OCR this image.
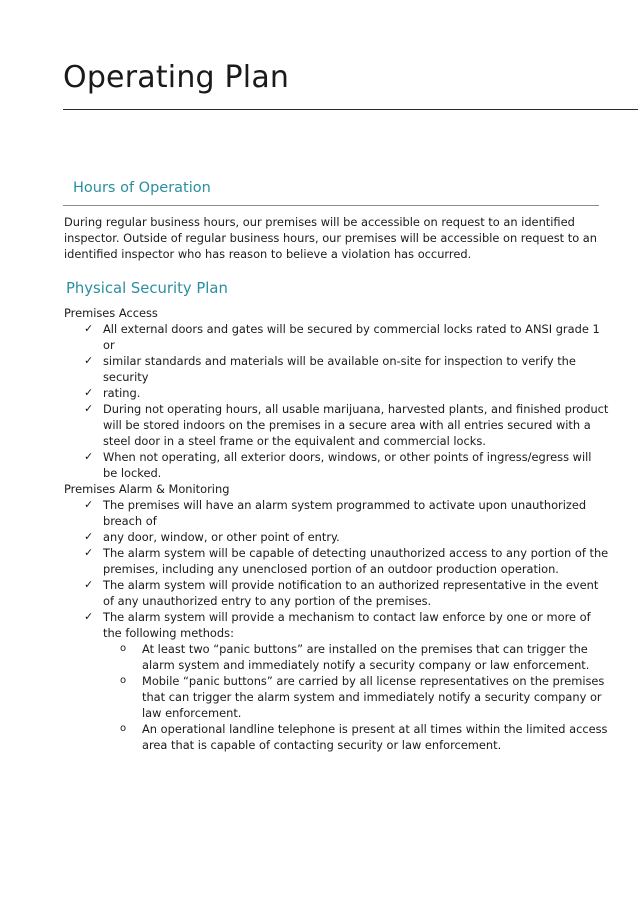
Operating Plan
Hours of Operation

During regular business hours, our premises will be accessible on request to an identified inspector. Outside of regular business hours, our premises will be accessible on request to an identified inspector who has reason to believe a violation has occurred.

Physical Security Plan

Premises Access

✓ All external doors and gates will be secured by commercial locks rated to ANSI grade 1 or
✓ similar standards and materials will be available on-site for inspection to verify the security
✓ rating.
✓ During not operating hours, all usable marijuana, harvested plants, and finished product will be stored indoors on the premises in a secure area with all entries secured with a steel door in a steel frame or the equivalent and commercial locks.
✓ When not operating, all exterior doors, windows, or other points of ingress/egress will be locked.

Premises Alarm & Monitoring

✓ The premises will have an alarm system programmed to activate upon unauthorized breach of
✓ any door, window, or other point of entry.
✓ The alarm system will be capable of detecting unauthorized access to any portion of the premises, including any unenclosed portion of an outdoor production operation.
✓ The alarm system will provide notification to an authorized representative in the event of any unauthorized entry to any portion of the premises.
✓ The alarm system will provide a mechanism to contact law enforce by one or more of the following methods:
o At least two “panic buttons” are installed on the premises that can trigger the alarm system and immediately notify a security company or law enforcement.
o Mobile “panic buttons” are carried by all license representatives on the premises that can trigger the alarm system and immediately notify a security company or law enforcement.
o An operational landline telephone is present at all times within the limited access area that is capable of contacting security or law enforcement.
